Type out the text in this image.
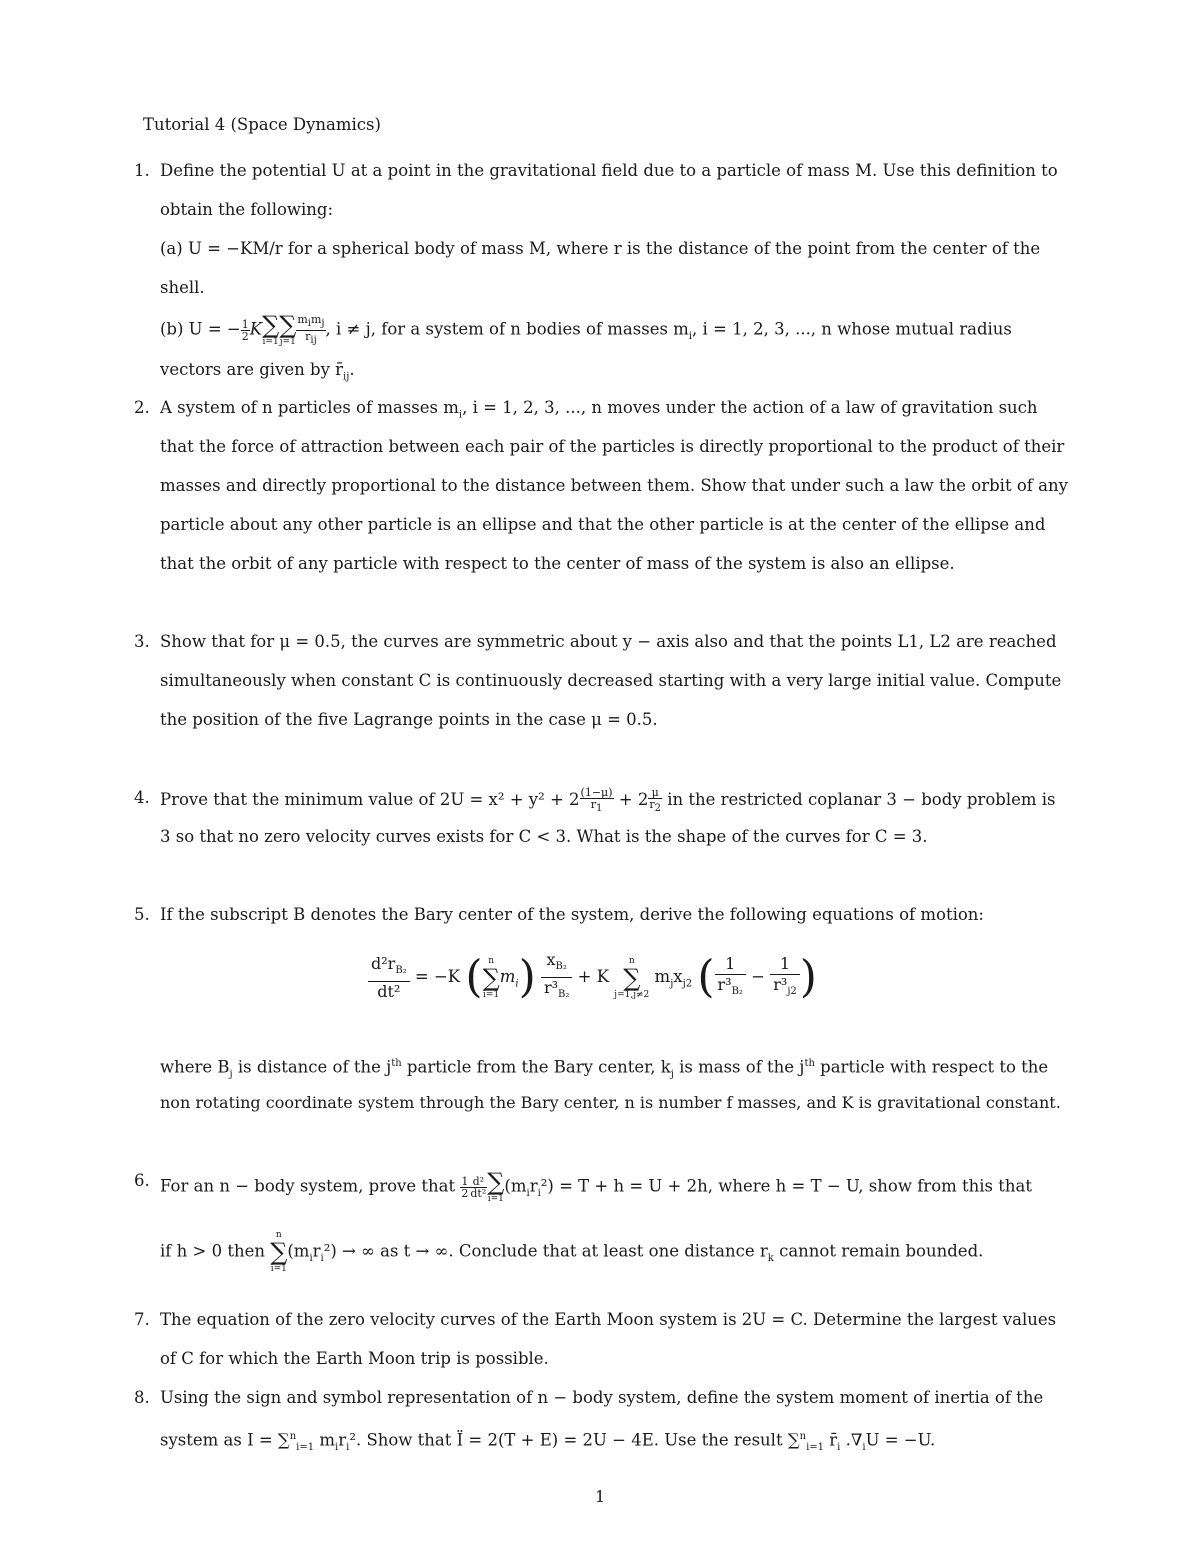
Tutorial 4 (Space Dynamics)
1. Define the potential U at a point in the gravitational field due to a particle of mass M. Use this definition to
obtain the following:
(a) U = −KM/r for a spherical body of mass M, where r is the distance of the point from the center of the
shell.
(b) U = − $\frac{1}{2}$ K ∑
i=1
∑
$j=1 \frac{m_im_j}{r_{ij}}$ , i ≠ j, for a system of n bodies of masses $m_i$, i = 1, 2, 3, ..., n whose mutual radius
vectors are given by $r̄_{ij}$.
2. A system of n particles of masses $m_i$, i = 1, 2, 3, ..., n moves under the action of a law of gravitation such
that the force of attraction between each pair of the particles is directly proportional to the product of their
masses and directly proportional to the distance between them. Show that under such a law the orbit of any
particle about any other particle is an ellipse and that the other particle is at the center of the ellipse and
that the orbit of any particle with respect to the center of mass of the system is also an ellipse.
3. Show that for μ = 0.5, the curves are symmetric about y − axis also and that the points L1, L2 are reached
simultaneously when constant C is continuously decreased starting with a very large initial value. Compute
the position of the five Lagrange points in the case μ = 0.5.
4. Prove that the minimum value of $2U = x^2 + y^2 + 2 \frac{(1-\mu)}{r_1} + 2 \frac{\mu}{r_2}$ in the restricted coplanar 3 − body problem is
3 so that no zero velocity curves exists for C < 3. What is the shape of the curves for C = 3.
5. If the subscript B denotes the Bary center of the system, derive the following equations of motion:
$\frac{d^2r_{B_2}}{\text{dt²}} = -K$ ( n
∑
i=1
$m_i) \frac{x_{B_2}}{r^3_{B_2}} + K$
n
∑
j=1,j≠2
$m_jx_{j2}$ ( $\frac{1}{r^3_{B_2}} - \frac{1}{r^3_{j2}}$ )
where $B_j$ is distance of the $j^{th}$ particle from the Bary center, $k_j$ is mass of the $j^{th}$ particle with respect to the
non rotating coordinate system through the Bary center, n is number f masses, and K is gravitational constant.
6. For an n − body system, prove that $\frac{1}{2} \frac{\text{d²}}{\text{dt²}}$ ∑
i=1
$(m_ir_i^2) = T + h = U + 2h$, where h = T − U, show from this that
if h > 0 then
n
∑
i=1
$(m_ir_i^2)$ → ∞ as t → ∞. Conclude that at least one distance $r_k$ cannot remain bounded.
7. The equation of the zero velocity curves of the Earth Moon system is 2U = C. Determine the largest values
of C for which the Earth Moon trip is possible.
8. Using the sign and symbol representation of n − body system, define the system moment of inertia of the
system as I = ∑$^n_{i=1}$ $m_ir_i^2$. Show that Ï = 2(T + E) = 2U − 4E. Use the result ∑$^n_{i=1}$ $r̄_i$ $.\nabla_iU = -U$.
1
